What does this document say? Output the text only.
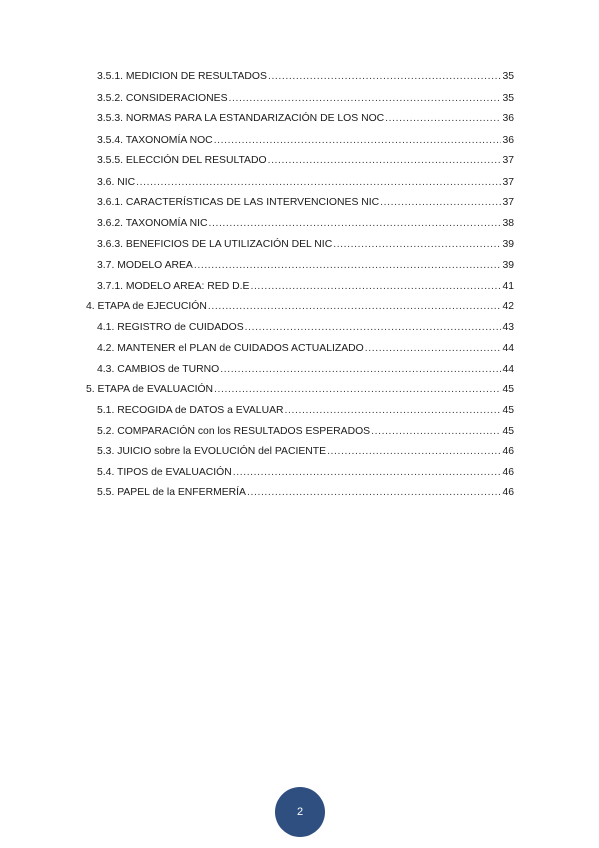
3.5.1. MEDICION DE RESULTADOS .....	35
3.5.2. CONSIDERACIONES .....	35
3.5.3. NORMAS PARA LA ESTANDARIZACIÓN DE LOS NOC .....	36
3.5.4. TAXONOMÍA NOC .....	36
3.5.5. ELECCIÓN DEL RESULTADO .....	37
3.6. NIC .....	37
3.6.1. CARACTERÍSTICAS DE LAS INTERVENCIONES NIC .....	37
3.6.2. TAXONOMÍA NIC .....	38
3.6.3. BENEFICIOS DE LA UTILIZACIÓN DEL NIC .....	39
3.7. MODELO AREA .....	39
3.7.1. MODELO AREA: RED D.E .....	41
4. ETAPA de EJECUCIÓN .....	42
4.1. REGISTRO de CUIDADOS .....	43
4.2. MANTENER el PLAN de CUIDADOS ACTUALIZADO .....	44
4.3. CAMBIOS de TURNO .....	44
5. ETAPA de EVALUACIÓN .....	45
5.1. RECOGIDA de DATOS a EVALUAR .....	45
5.2. COMPARACIÓN con los RESULTADOS ESPERADOS .....	45
5.3. JUICIO sobre la EVOLUCIÓN del PACIENTE .....	46
5.4. TIPOS de EVALUACIÓN .....	46
5.5. PAPEL de la ENFERMERÍA .....	46
2
